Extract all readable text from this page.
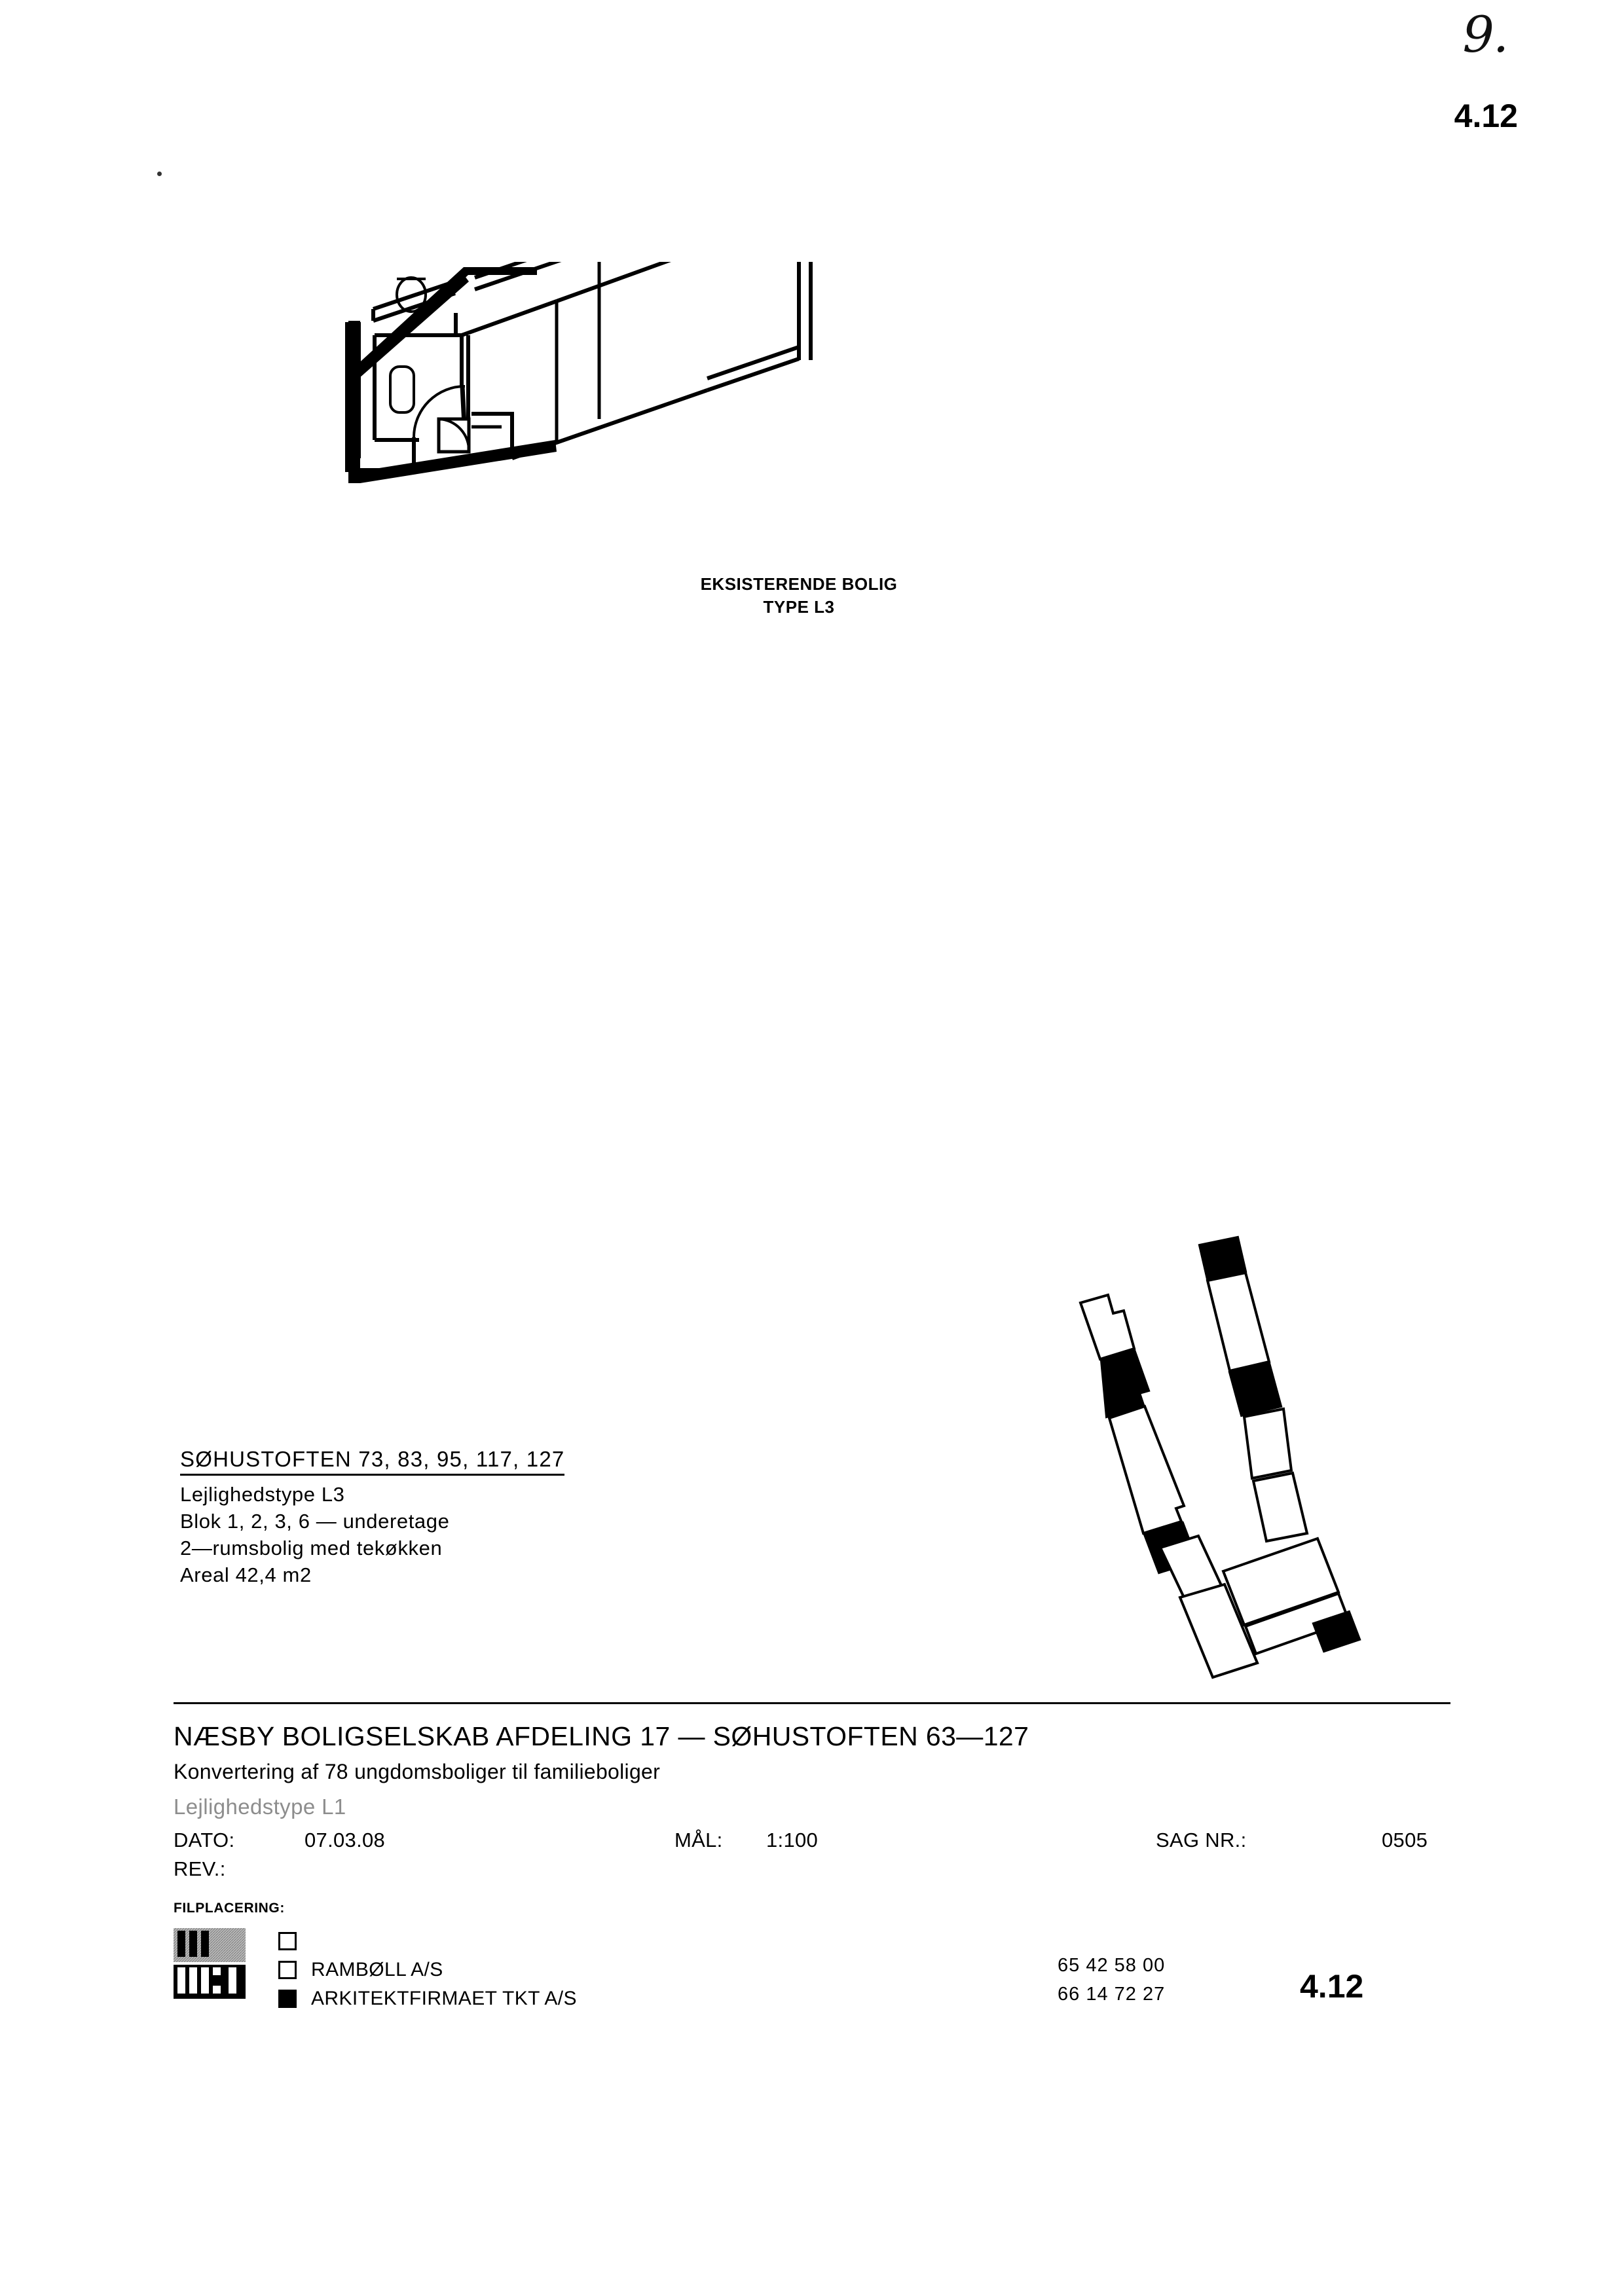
9.
4.12
EKSISTERENDE BOLIG
TYPE L3
SØHUSTOFTEN 73, 83, 95, 117, 127
Lejlighedstype L3
Blok 1, 2, 3, 6 — underetage
2—rumsbolig med tekøkken
Areal 42,4 m2
NÆSBY BOLIGSELSKAB AFDELING 17 — SØHUSTOFTEN 63—127
Konvertering af 78 ungdomsboliger til familieboliger
Lejlighedstype L1
DATO:	07.03.08	MÅL: 1:100	SAG NR.:	0505
REV.:
FILPLACERING:
RAMBØLL A/S
ARKITEKTFIRMAET TKT A/S
65 42 58 00
66 14 72 27	4.12
